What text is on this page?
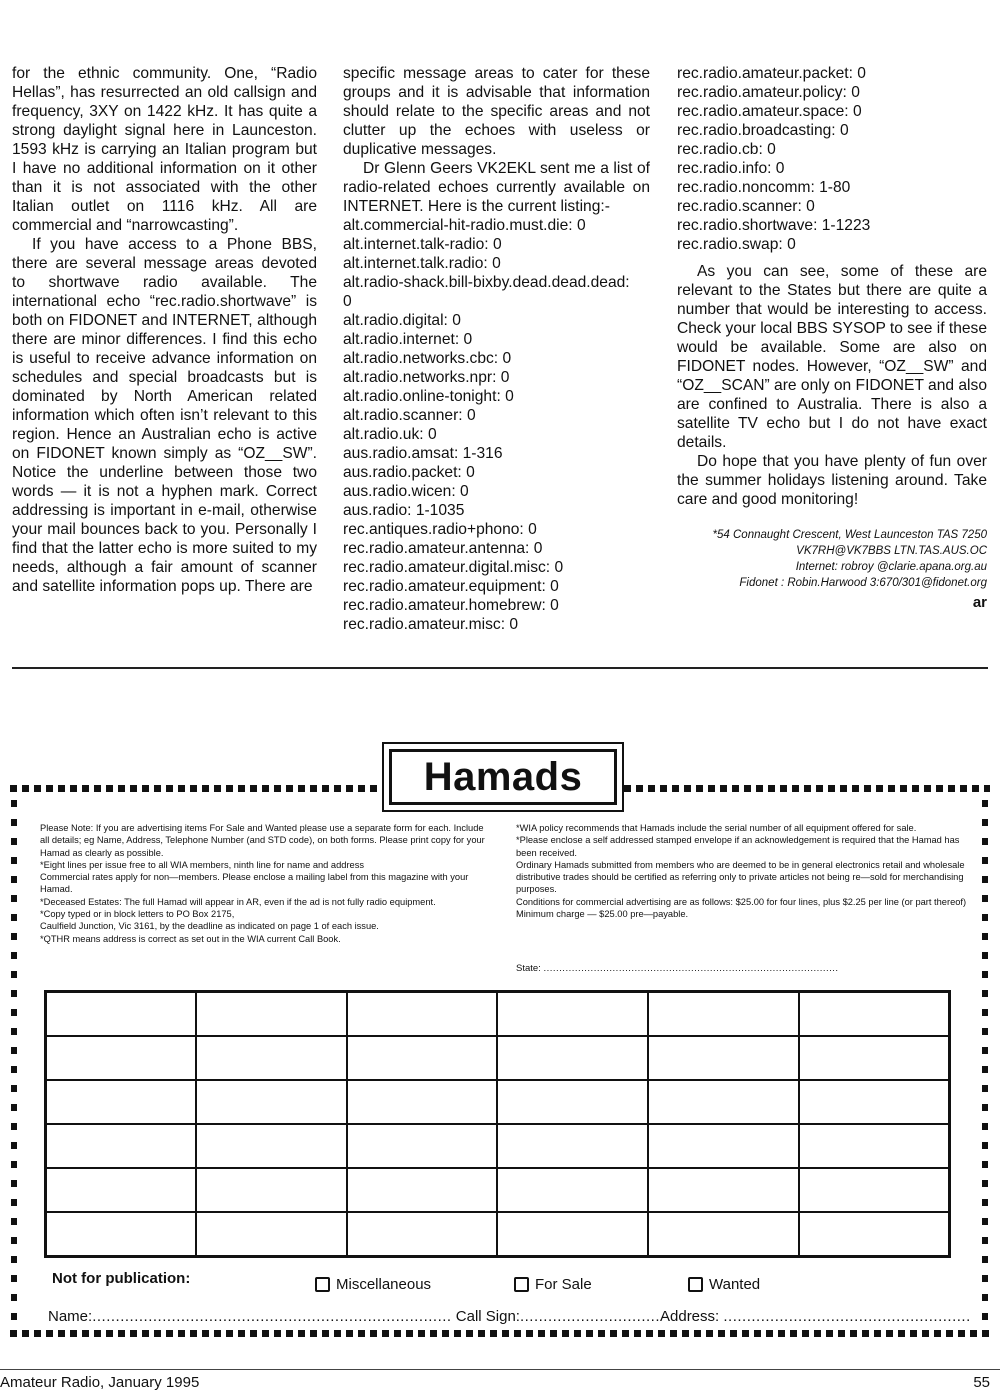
for the ethnic community. One, “Radio Hellas”, has resurrected an old callsign and frequency, 3XY on 1422 kHz. It has quite a strong daylight signal here in Launceston. 1593 kHz is carrying an Italian program but I have no additional information on it other than it is not associated with the other Italian outlet on 1116 kHz. All are commercial and “narrowcasting”.

If you have access to a Phone BBS, there are several message areas devoted to shortwave radio available. The international echo “rec.radio.shortwave” is both on FIDONET and INTERNET, although there are minor differences. I find this echo is useful to receive advance information on schedules and special broadcasts but is dominated by North American related information which often isn’t relevant to this region. Hence an Australian echo is active on FIDONET known simply as “OZ__SW”. Notice the underline between those two words — it is not a hyphen mark. Correct addressing is important in e-mail, otherwise your mail bounces back to you. Personally I find that the latter echo is more suited to my needs, although a fair amount of scanner and satellite information pops up. There are

specific message areas to cater for these groups and it is advisable that information should relate to the specific areas and not clutter up the echoes with useless or duplicative messages.

Dr Glenn Geers VK2EKL sent me a list of radio-related echoes currently available on INTERNET. Here is the current listing:-

alt.commercial-hit-radio.must.die: 0
alt.internet.talk-radio: 0
alt.internet.talk.radio: 0
alt.radio-shack.bill-bixby.dead.dead.dead:
0
alt.radio.digital: 0
alt.radio.internet: 0
alt.radio.networks.cbc: 0
alt.radio.networks.npr: 0
alt.radio.online-tonight: 0
alt.radio.scanner: 0
alt.radio.uk: 0
aus.radio.amsat: 1-316
aus.radio.packet: 0
aus.radio.wicen: 0
aus.radio: 1-1035
rec.antiques.radio+phono: 0
rec.radio.amateur.antenna: 0
rec.radio.amateur.digital.misc: 0
rec.radio.amateur.equipment: 0
rec.radio.amateur.homebrew: 0
rec.radio.amateur.misc: 0
rec.radio.amateur.packet: 0
rec.radio.amateur.policy: 0
rec.radio.amateur.space: 0
rec.radio.broadcasting: 0
rec.radio.cb: 0
rec.radio.info: 0
rec.radio.noncomm: 1-80
rec.radio.scanner: 0
rec.radio.shortwave: 1-1223
rec.radio.swap: 0

As you can see, some of these are relevant to the States but there are quite a number that would be interesting to access. Check your local BBS SYSOP to see if these would be available. Some are also on FIDONET nodes. However, “OZ__SW” and “OZ__SCAN” are only on FIDONET and also are confined to Australia. There is also a satellite TV echo but I do not have exact details.

Do hope that you have plenty of fun over the summer holidays listening around. Take care and good monitoring!

*54 Connaught Crescent, West Launceston TAS 7250
VK7RH@VK7BBS LTN.TAS.AUS.OC
Internet: robroy @clarie.apana.org.au
Fidonet : Robin.Harwood 3:670/301@fidonet.org
ar
Hamads

Please Note: If you are advertising items For Sale and Wanted please use a separate form for each. Include all details; eg Name, Address, Telephone Number (and STD code), on both forms. Please print copy for your Hamad as clearly as possible.

*Eight lines per issue free to all WIA members, ninth line for name and address

Commercial rates apply for non—members. Please enclose a mailing label from this magazine with your Hamad.

*Deceased Estates: The full Hamad will appear in AR, even if the ad is not fully radio equipment.

*Copy typed or in block letters to PO Box 2175,

Caulfield Junction, Vic 3161, by the deadline as indicated on page 1 of each issue.

*QTHR means address is correct as set out in the WIA current Call Book.

*WIA policy recommends that Hamads include the serial number of all equipment offered for sale.

*Please enclose a self addressed stamped envelope if an acknowledgement is required that the Hamad has been received.

Ordinary Hamads submitted from members who are deemed to be in general electronics retail and wholesale distributive trades should be certified as referring only to private articles not being re—sold for merchandising purposes.

Conditions for commercial advertising are as follows: $25.00 for four lines, plus $2.25 per line (or part thereof) Minimum charge — $25.00 pre—payable.

State: ..............................................................................................

Not for publication:	Miscellaneous	For Sale	Wanted
Name:............................................................................. Call Sign:..............................Address: .....................................................
Amateur Radio, January 1995	55
